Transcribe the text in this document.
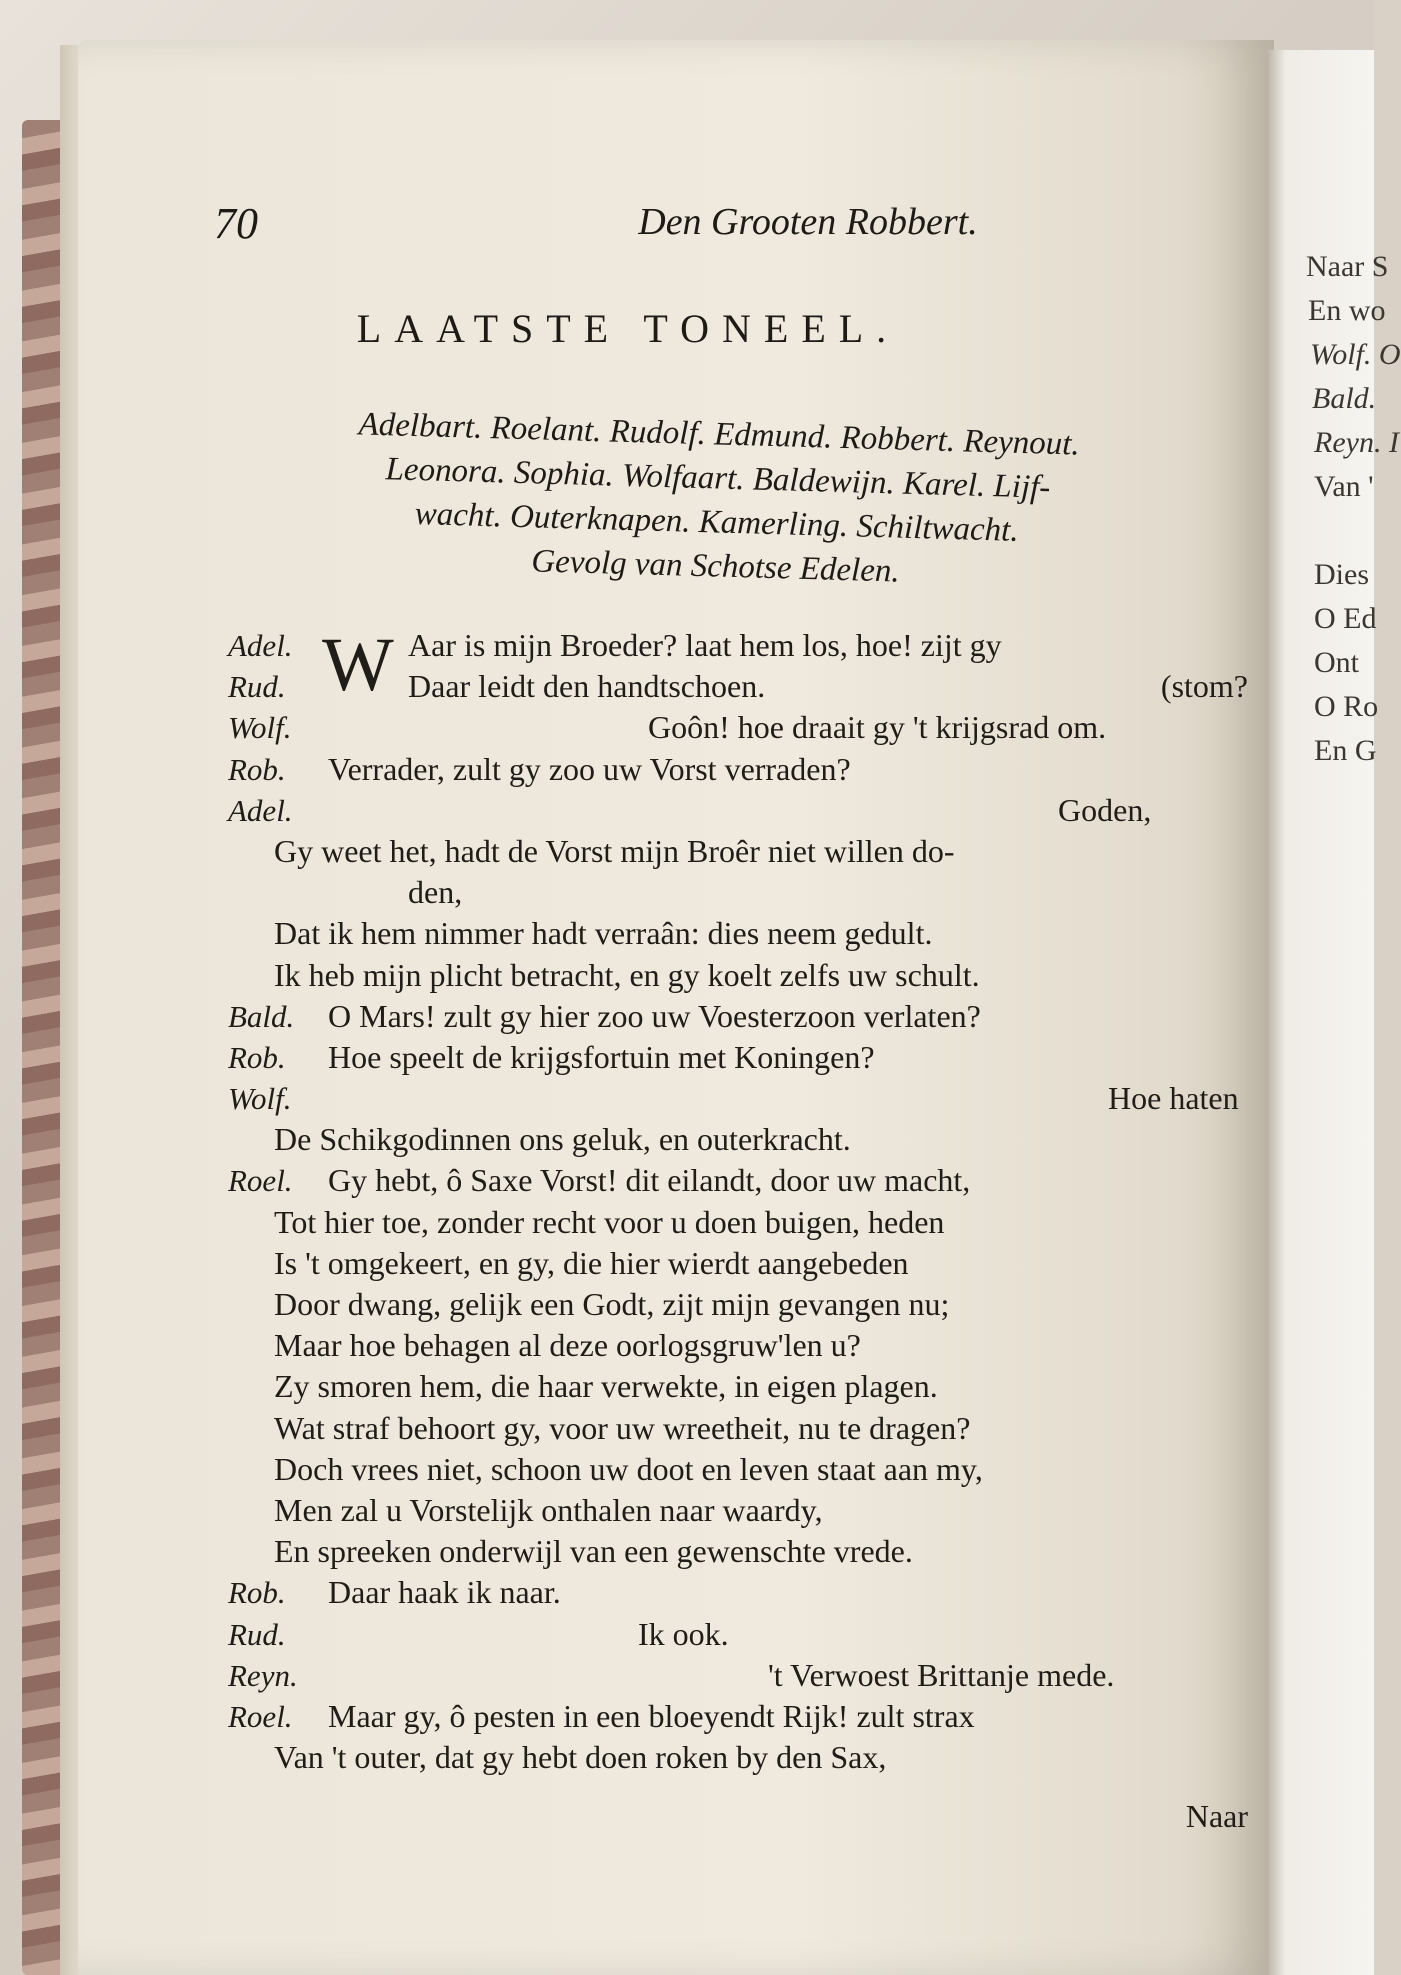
Naar S
En wo
Wolf. O
Bald.
Reyn. I
Van '
Dies
O Ed
Ont
O Ro
En G
70	Den Grooten Robbert.
LAATSTE TONEEL.
Adelbart. Roelant. Rudolf. Edmund. Robbert. Reynout.
Leonora. Sophia. Wolfaart. Baldewijn. Karel. Lijf-
wacht. Outerknapen. Kamerling. Schiltwacht.
Gevolg van Schotse Edelen.
Adel. W Aar is mijn Broeder? laat hem los, hoe! zijt gy
Rud.	Daar leidt den handtschoen.	(stom?
Wolf.	Goôn! hoe draait gy 't krijgsrad om.
Rob. Verrader, zult gy zoo uw Vorst verraden?
Adel.	Goden,
Gy weet het, hadt de Vorst mijn Broêr niet willen do-
den,
Dat ik hem nimmer hadt verraân: dies neem gedult.
Ik heb mijn plicht betracht, en gy koelt zelfs uw schult.
Bald. O Mars! zult gy hier zoo uw Voesterzoon verlaten?
Rob. Hoe speelt de krijgsfortuin met Koningen?
Wolf.	Hoe haten
De Schikgodinnen ons geluk, en outerkracht.
Roel. Gy hebt, ô Saxe Vorst! dit eilandt, door uw macht,
Tot hier toe, zonder recht voor u doen buigen, heden
Is 't omgekeert, en gy, die hier wierdt aangebeden
Door dwang, gelijk een Godt, zijt mijn gevangen nu;
Maar hoe behagen al deze oorlogsgruw'len u?
Zy smoren hem, die haar verwekte, in eigen plagen.
Wat straf behoort gy, voor uw wreetheit, nu te dragen?
Doch vrees niet, schoon uw doot en leven staat aan my,
Men zal u Vorstelijk onthalen naar waardy,
En spreeken onderwijl van een gewenschte vrede.
Rob. Daar haak ik naar.
Rud.	Ik ook.
Reyn.	't Verwoest Brittanje mede.
Roel. Maar gy, ô pesten in een bloeyendt Rijk! zult strax
Van 't outer, dat gy hebt doen roken by den Sax,
Naar
